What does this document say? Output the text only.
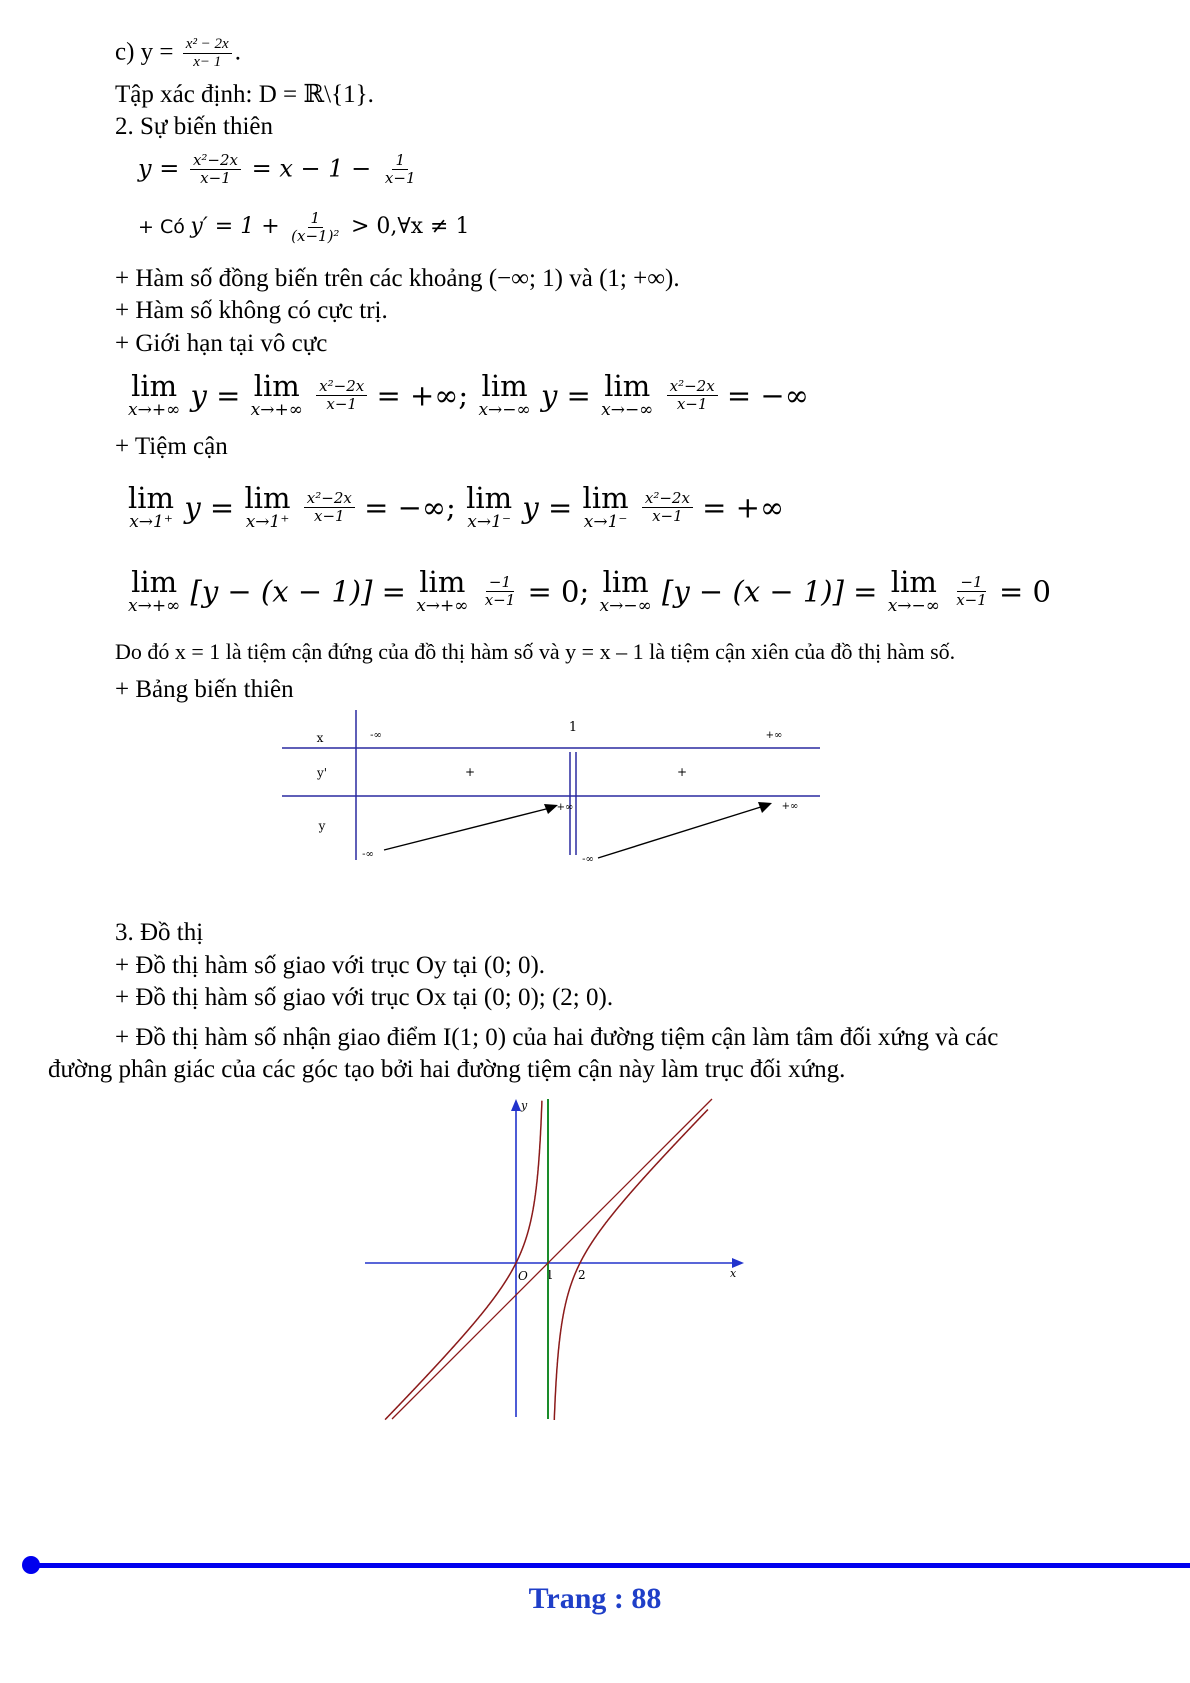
c) $y = \frac{\text{x² − 2x}}{x- 1}$ .
Tập xác định: D = ℝ\{1}.
2. Sự biến thiên
$y = \frac{\text{x²−2x}}{x-1} = x - 1 - \frac{1}{x-1}$
+ Có $y' = 1 + \frac{1}{\text{(x−1)²}}$ > 0,∀x ≠ 1
+ Hàm số đồng biến trên các khoảng (−∞; 1) và (1; +∞).
+ Hàm số không có cực trị.
+ Giới hạn tại vô cực
lim
x→+∞ y = lim
x→+∞
$\frac{\text{x²−2x}}{x-1}$ = +∞; lim
x→−∞ y = lim
x→−∞
$\frac{\text{x²−2x}}{x-1}$ = −∞
+ Tiệm cận
lim
x→1⁺ y = lim
x→1⁺
$\frac{\text{x²−2x}}{x-1}$ = −∞; lim
x→1⁻ y = lim
x→1⁻
$\frac{\text{x²−2x}}{x-1}$ = +∞
lim
x→+∞ [y − (x − 1)] = lim
x→+∞
$\frac{-1}{x-1} = 0$; lim
x→−∞ [y − (x − 1)] = lim
x→−∞
$\frac{-1}{x-1} = 0$
Do đó x = 1 là tiệm cận đứng của đồ thị hàm số và y = x – 1 là tiệm cận xiên của đồ thị hàm số.
+ Bảng biến thiên
x
y'
y
-∞
1
+∞
+	+
-∞
+∞
-∞
+∞
3. Đồ thị
+ Đồ thị hàm số giao với trục Oy tại (0; 0).
+ Đồ thị hàm số giao với trục Ox tại (0; 0); (2; 0).
+ Đồ thị hàm số nhận giao điểm I(1; 0) của hai đường tiệm cận làm tâm đối xứng và các
đường phân giác của các góc tạo bởi hai đường tiệm cận này làm trục đối xứng.
x
y
O 1 2
Trang : 88
